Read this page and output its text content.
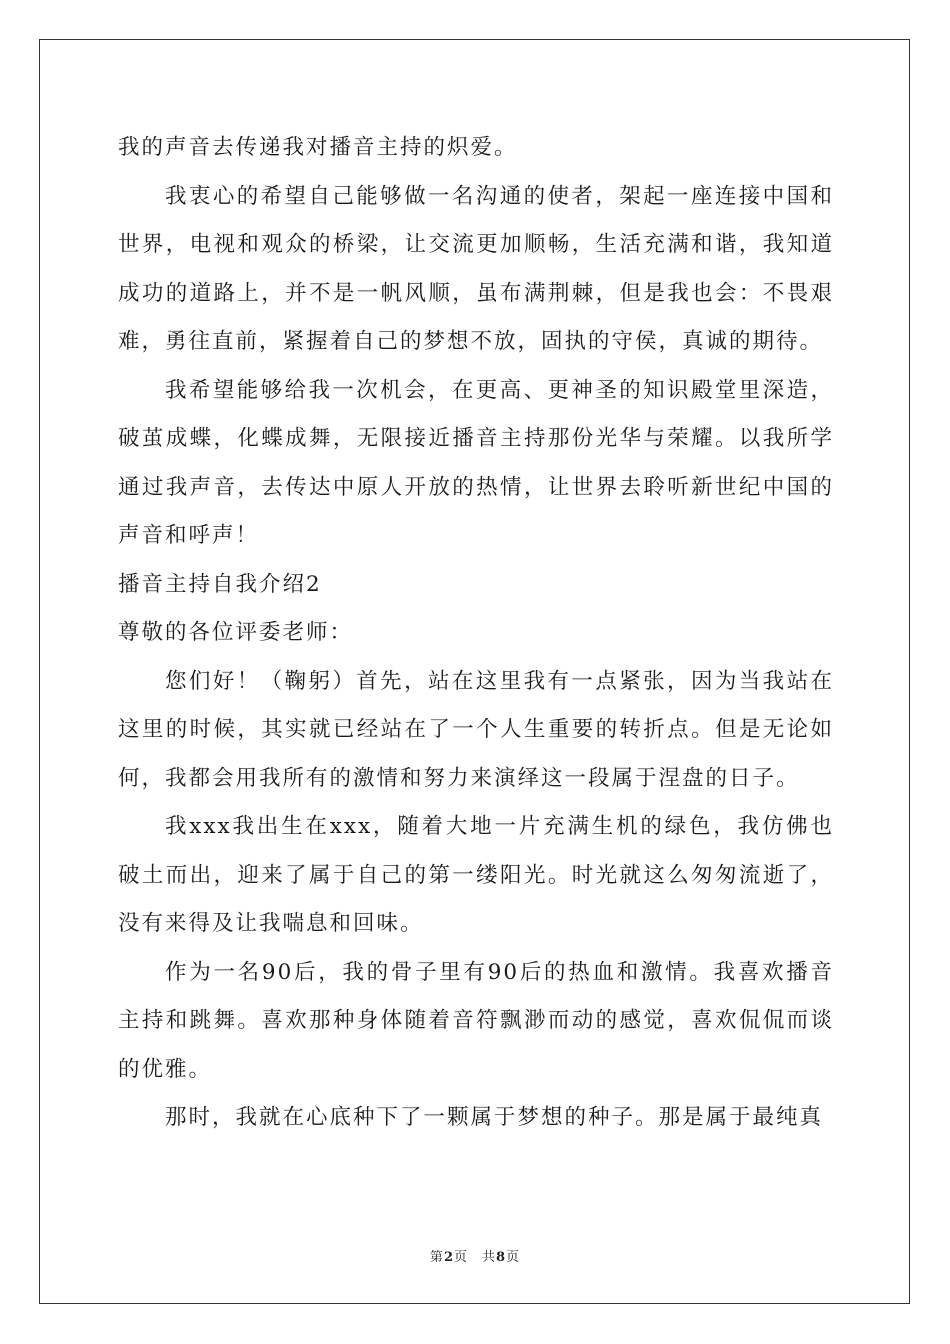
我的声音去传递我对播音主持的炽爱。

我衷心的希望自己能够做一名沟通的使者，架起一座连接中国和世界，电视和观众的桥梁，让交流更加顺畅，生活充满和谐，我知道成功的道路上，并不是一帆风顺，虽布满荆棘，但是我也会：不畏艰难，勇往直前，紧握着自己的梦想不放，固执的守侯，真诚的期待。

我希望能够给我一次机会，在更高、更神圣的知识殿堂里深造，破茧成蝶，化蝶成舞，无限接近播音主持那份光华与荣耀。以我所学通过我声音，去传达中原人开放的热情，让世界去聆听新世纪中国的声音和呼声！

播音主持自我介绍2

尊敬的各位评委老师：

您们好！（鞠躬）首先，站在这里我有一点紧张，因为当我站在这里的时候，其实就已经站在了一个人生重要的转折点。但是无论如何，我都会用我所有的激情和努力来演绎这一段属于涅盘的日子。

我xxx我出生在xxx，随着大地一片充满生机的绿色，我仿佛也破土而出，迎来了属于自己的第一缕阳光。时光就这么匆匆流逝了，没有来得及让我喘息和回味。

作为一名90后，我的骨子里有90后的热血和激情。我喜欢播音主持和跳舞。喜欢那种身体随着音符飘渺而动的感觉，喜欢侃侃而谈的优雅。

那时，我就在心底种下了一颗属于梦想的种子。那是属于最纯真

第2页　共8页
